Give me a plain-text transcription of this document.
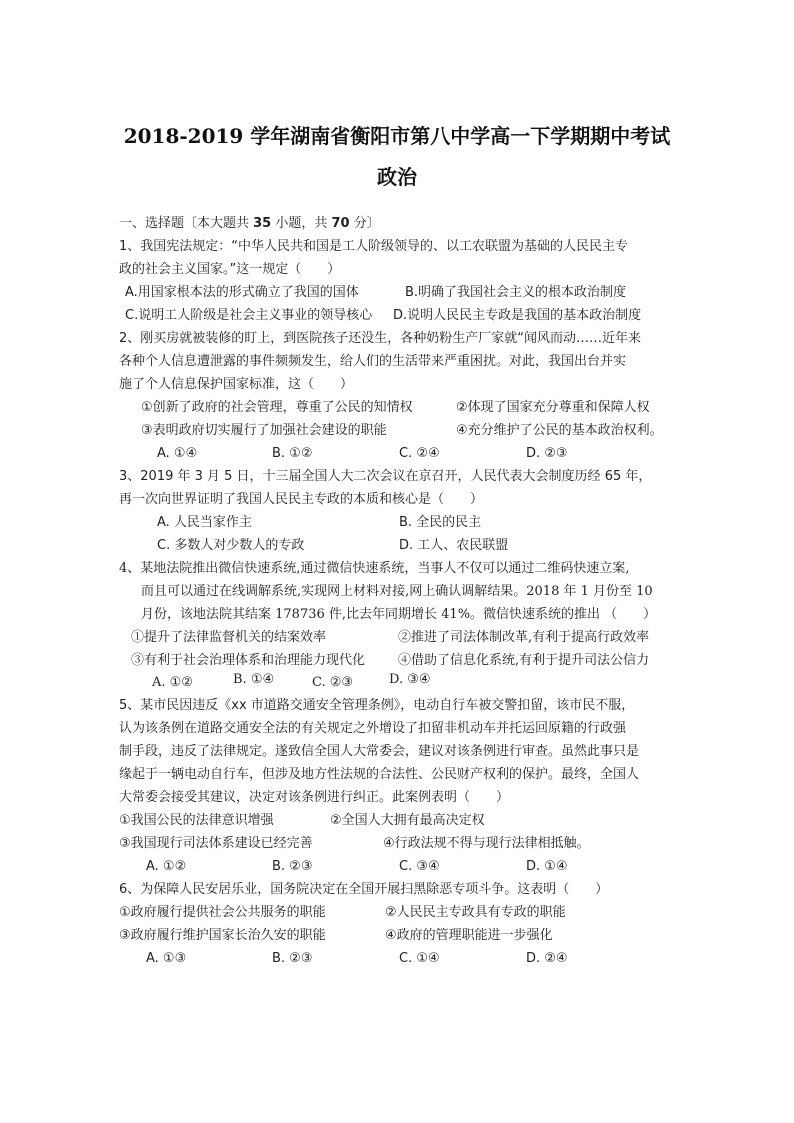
2018-2019 学年湖南省衡阳市第八中学高一下学期期中考试
政治
一、选择题〔本大题共 35 小题，共 70 分〕
1、我国宪法规定：“中华人民共和国是工人阶级领导的、以工农联盟为基础的人民民主专
政的社会主义国家。”这一规定（　　）
A.用国家根本法的形式确立了我国的国体	B.明确了我国社会主义的根本政治制度
C.说明工人阶级是社会主义事业的领导核心 D.说明人民民主专政是我国的基本政治制度
2、刚买房就被装修的盯上，到医院孩子还没生，各种奶粉生产厂家就“闻风而动……近年来
各种个人信息遭泄露的事件频频发生，给人们的生活带来严重困扰。对此，我国出台并实
施了个人信息保护国家标准，这（　　）
①创新了政府的社会管理，尊重了公民的知情权	②体现了国家充分尊重和保障人权
③表明政府切实履行了加强社会建设的职能	④充分维护了公民的基本政治权利。
A. ①④	B. ①②	C. ②④	D. ②③
3、2019 年 3 月 5 日，十三届全国人大二次会议在京召开，人民代表大会制度历经 65 年，
再一次向世界证明了我国人民民主专政的本质和核心是（　　）
A. 人民当家作主	B. 全民的民主
C. 多数人对少数人的专政	D. 工人、农民联盟
4、某地法院推出微信快速系统,通过微信快速系统，当事人不仅可以通过二维码快速立案,
而且可以通过在线调解系统,实现网上材料对接,网上确认调解结果。2018 年 1 月份至 10
月份，该地法院其结案 178736 件,比去年同期增长 41%。微信快速系统的推出 （　　）
①提升了法律监督机关的结案效率	②推进了司法体制改革,有利于提高行政效率
③有利于社会治理体系和治理能力现代化	④借助了信息化系统,有利于提升司法公信力
A. ①②	B. ①④	C. ②③	D. ③④
5、某市民因违反《xx 市道路交通安全管理条例》，电动自行车被交警扣留，该市民不服，
认为该条例在道路交通安全法的有关规定之外增设了扣留非机动车并托运回原籍的行政强
制手段，违反了法律规定。遂致信全国人大常委会，建议对该条例进行审查。虽然此事只是
缘起于一辆电动自行车，但涉及地方性法规的合法性、公民财产权利的保护。最终，全国人
大常委会接受其建议，决定对该条例进行纠正。此案例表明（　　）
①我国公民的法律意识增强	②全国人大拥有最高决定权
③我国现行司法体系建设已经完善	④行政法规不得与现行法律相抵触。
A. ①②	B. ②③	C. ③④	D. ①④
6、为保障人民安居乐业，国务院决定在全国开展扫黑除恶专项斗争。这表明（　　）
①政府履行提供社会公共服务的职能	②人民民主专政具有专政的职能
③政府履行维护国家长治久安的职能	④政府的管理职能进一步强化
A. ①③	B. ②③	C. ①④	D. ②④
